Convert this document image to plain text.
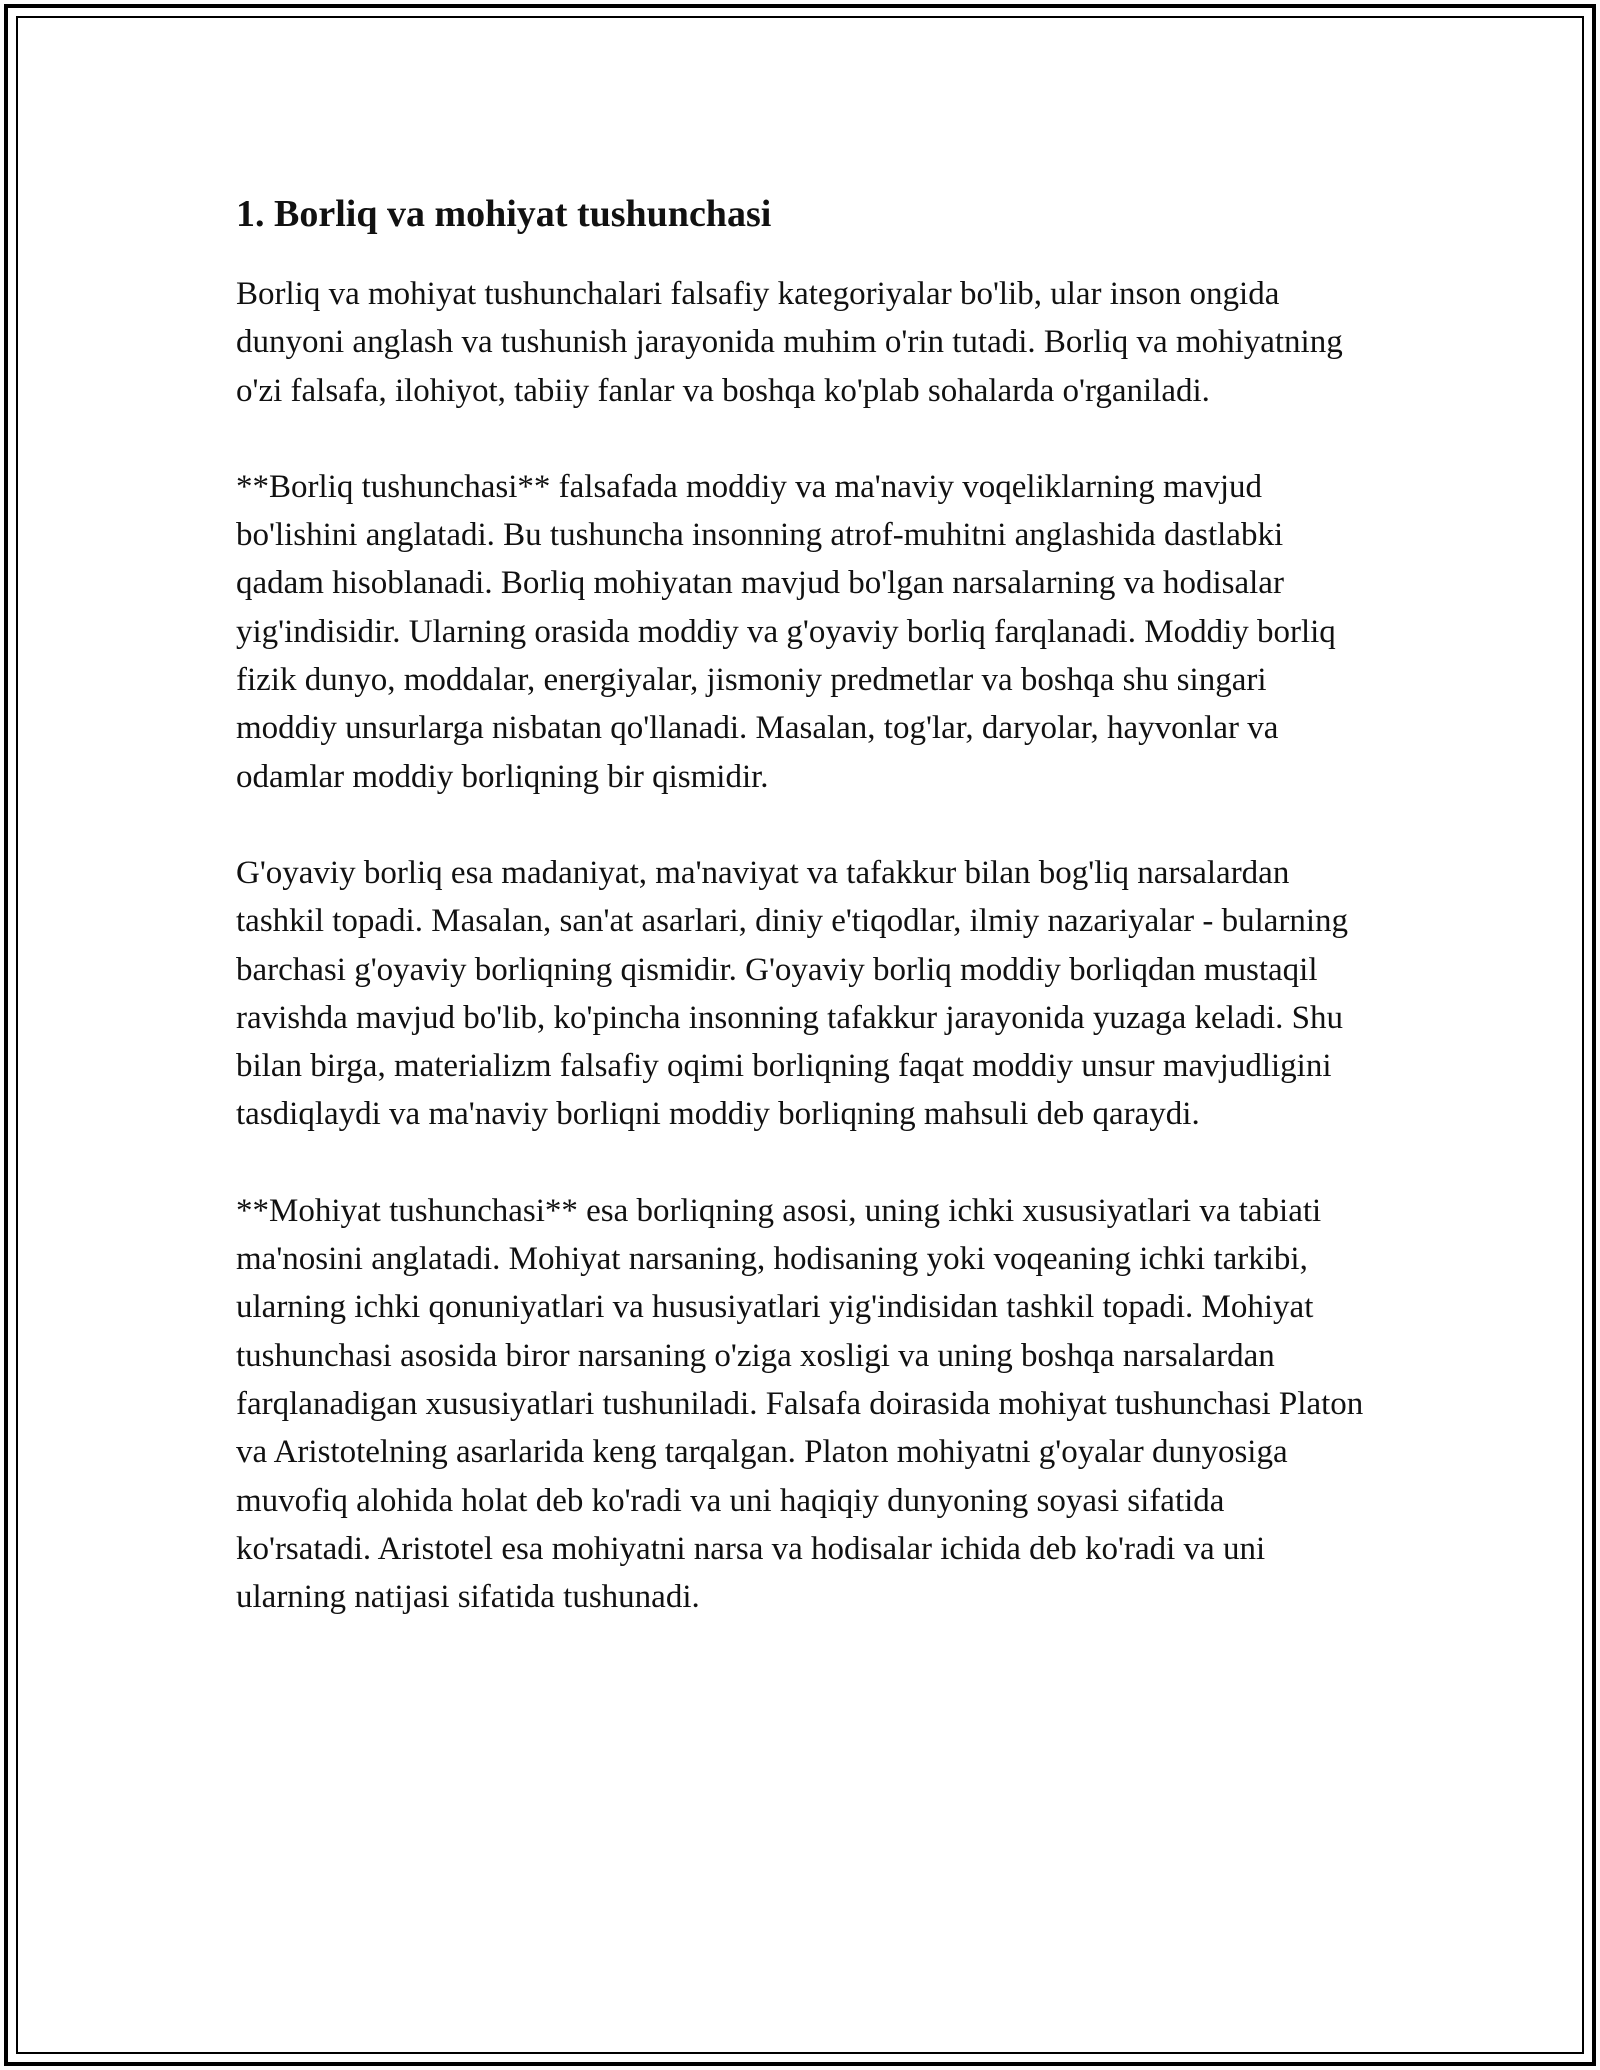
1. Borliq va mohiyat tushunchasi

Borliq va mohiyat tushunchalari falsafiy kategoriyalar bo'lib, ular inson ongida dunyoni anglash va tushunish jarayonida muhim o'rin tutadi. Borliq va mohiyatning o'zi falsafa, ilohiyot, tabiiy fanlar va boshqa ko'plab sohalarda o'rganiladi.

**Borliq tushunchasi** falsafada moddiy va ma'naviy voqeliklarning mavjud bo'lishini anglatadi. Bu tushuncha insonning atrof-muhitni anglashida dastlabki qadam hisoblanadi. Borliq mohiyatan mavjud bo'lgan narsalarning va hodisalar yig'indisidir. Ularning orasida moddiy va g'oyaviy borliq farqlanadi. Moddiy borliq fizik dunyo, moddalar, energiyalar, jismoniy predmetlar va boshqa shu singari moddiy unsurlarga nisbatan qo'llanadi. Masalan, tog'lar, daryolar, hayvonlar va odamlar moddiy borliqning bir qismidir.

G'oyaviy borliq esa madaniyat, ma'naviyat va tafakkur bilan bog'liq narsalardan tashkil topadi. Masalan, san'at asarlari, diniy e'tiqodlar, ilmiy nazariyalar - bularning barchasi g'oyaviy borliqning qismidir. G'oyaviy borliq moddiy borliqdan mustaqil ravishda mavjud bo'lib, ko'pincha insonning tafakkur jarayonida yuzaga keladi. Shu bilan birga, materializm falsafiy oqimi borliqning faqat moddiy unsur mavjudligini tasdiqlaydi va ma'naviy borliqni moddiy borliqning mahsuli deb qaraydi.

**Mohiyat tushunchasi** esa borliqning asosi, uning ichki xususiyatlari va tabiati ma'nosini anglatadi. Mohiyat narsaning, hodisaning yoki voqeaning ichki tarkibi, ularning ichki qonuniyatlari va hususiyatlari yig'indisidan tashkil topadi. Mohiyat tushunchasi asosida biror narsaning o'ziga xosligi va uning boshqa narsalardan farqlanadigan xususiyatlari tushuniladi. Falsafa doirasida mohiyat tushunchasi Platon va Aristotelning asarlarida keng tarqalgan. Platon mohiyatni g'oyalar dunyosiga muvofiq alohida holat deb ko'radi va uni haqiqiy dunyoning soyasi sifatida ko'rsatadi. Aristotel esa mohiyatni narsa va hodisalar ichida deb ko'radi va uni ularning natijasi sifatida tushunadi.
